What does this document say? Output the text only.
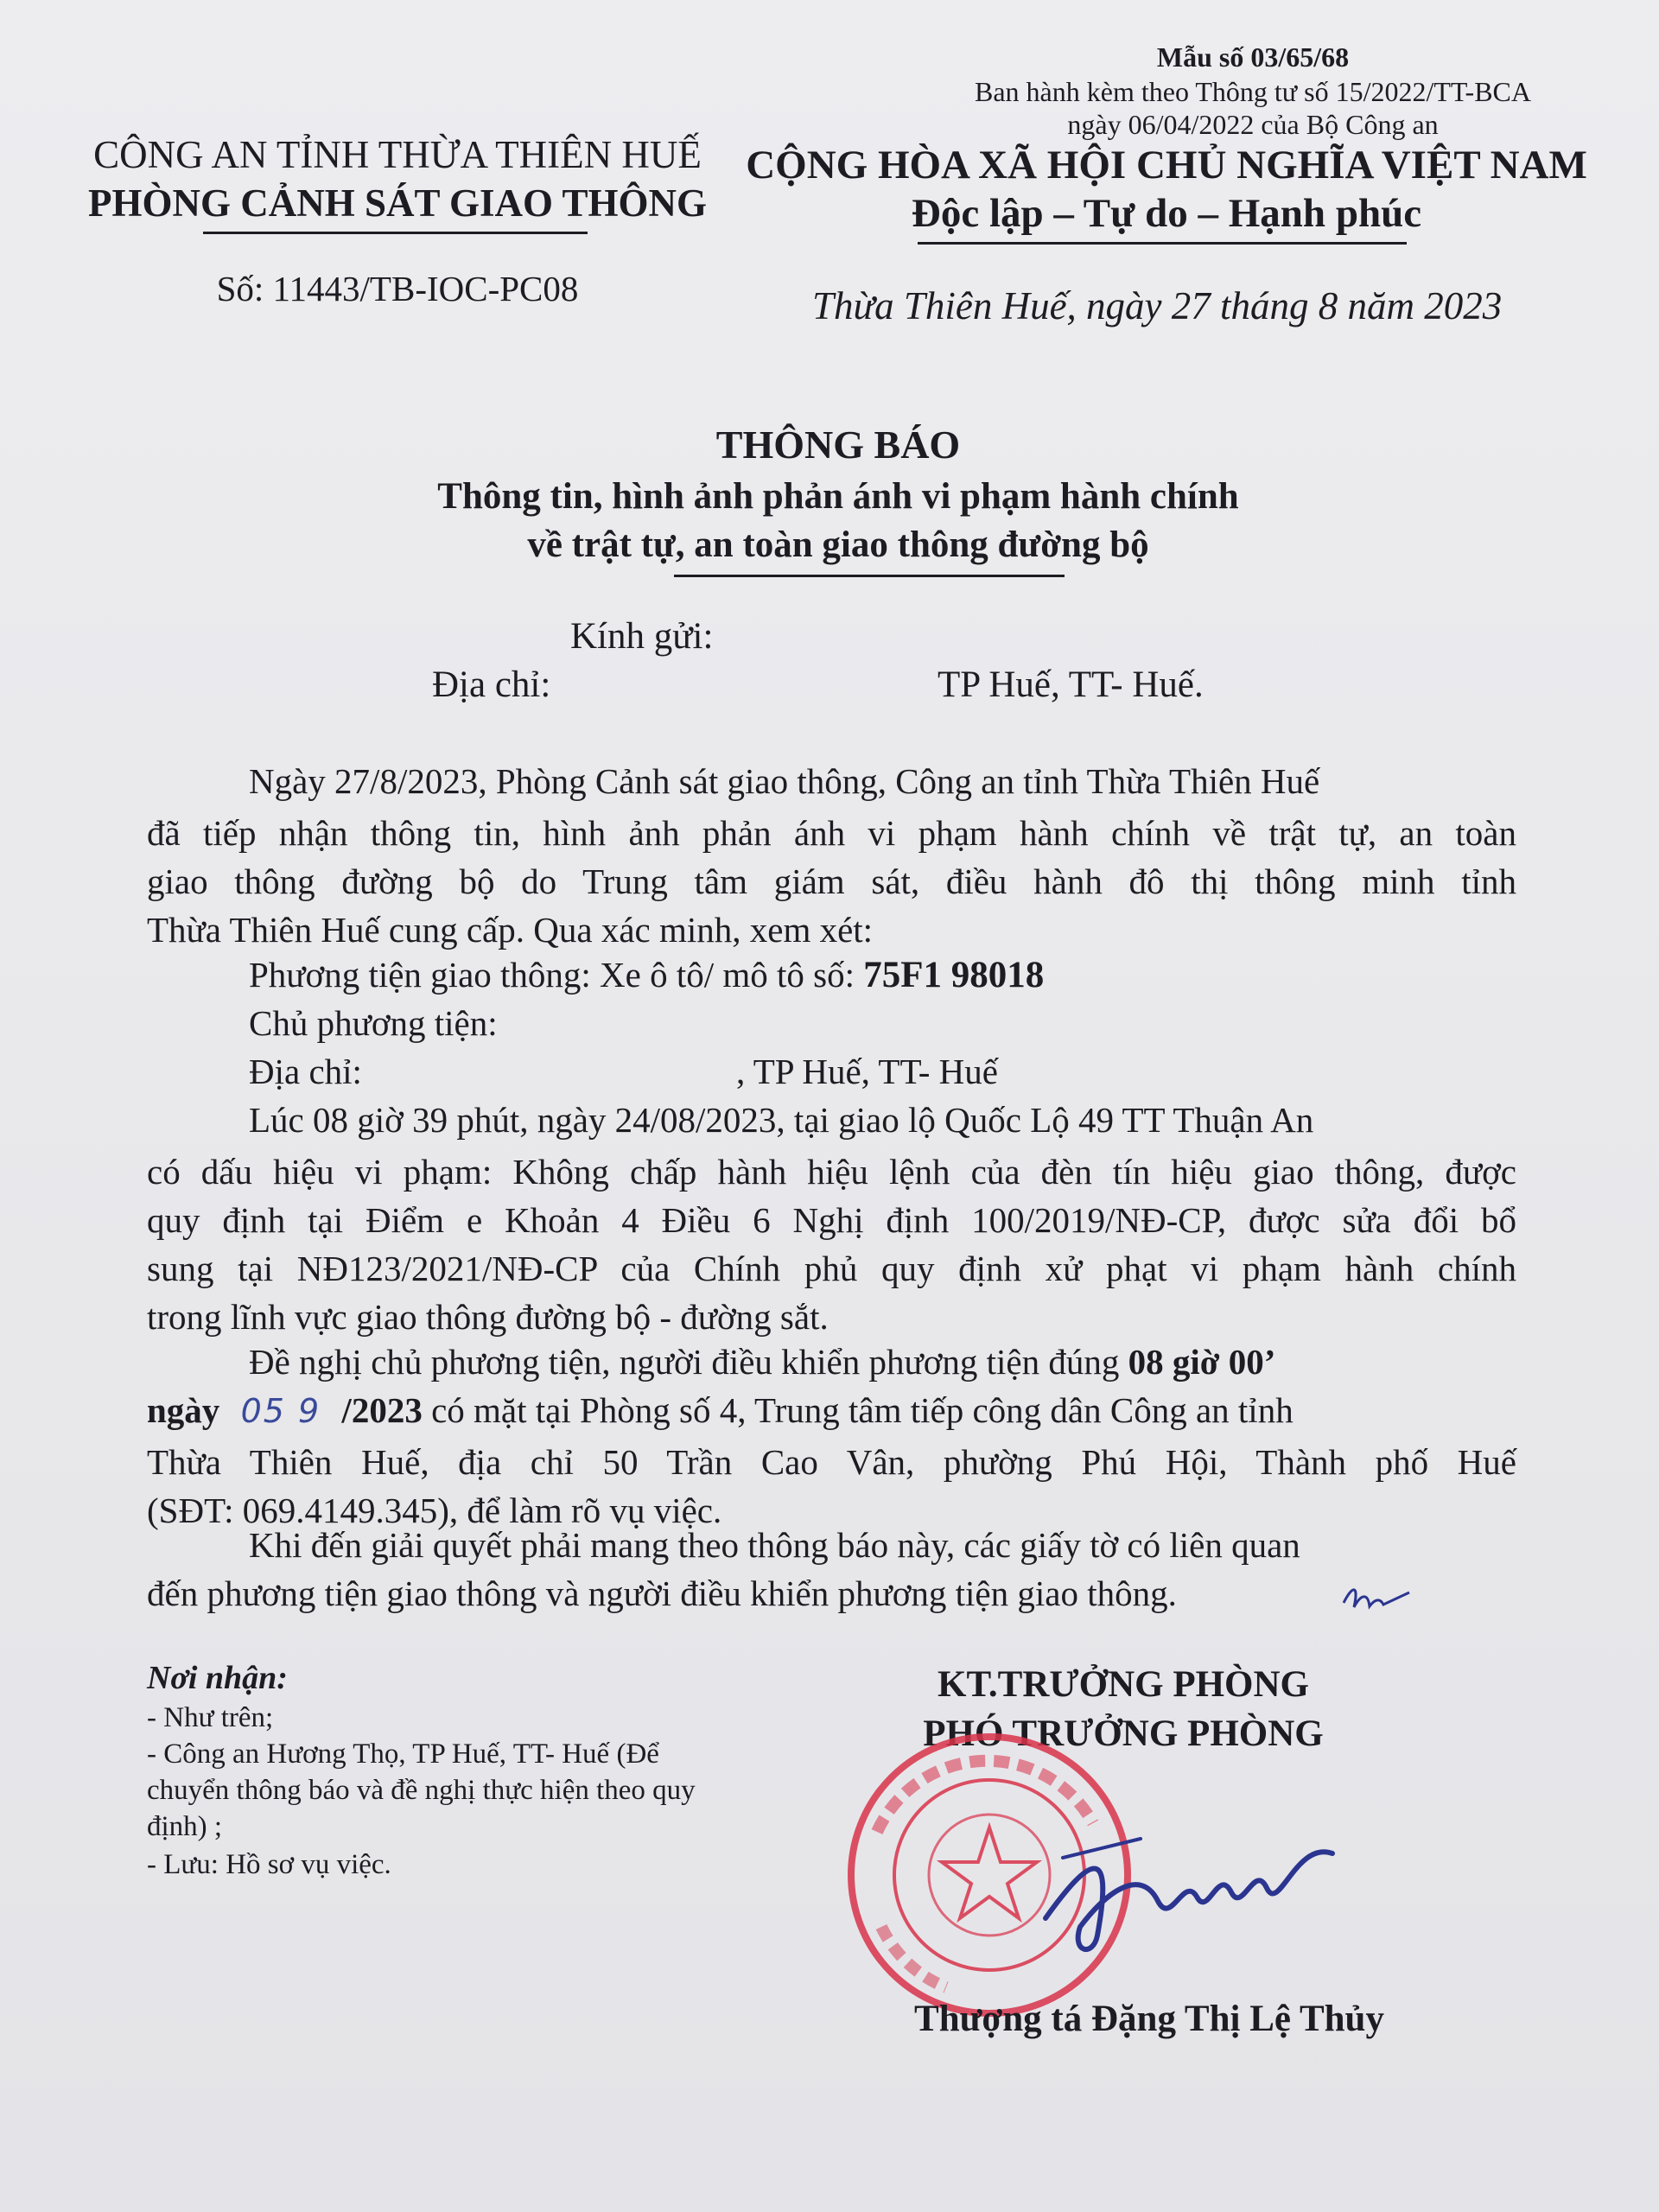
Mẫu số 03/65/68
Ban hành kèm theo Thông tư số 15/2022/TT-BCA
ngày 06/04/2022 của Bộ Công an
CÔNG AN TỈNH THỪA THIÊN HUẾ
PHÒNG CẢNH SÁT GIAO THÔNG
Số: 11443/TB-IOC-PC08
CỘNG HÒA XÃ HỘI CHỦ NGHĨA VIỆT NAM
Độc lập – Tự do – Hạnh phúc
Thừa Thiên Huế, ngày 27 tháng 8 năm 2023
THÔNG BÁO
Thông tin, hình ảnh phản ánh vi phạm hành chính
về trật tự, an toàn giao thông đường bộ
Kính gửi:
Địa chỉ:	TP Huế, TT- Huế.
Ngày 27/8/2023, Phòng Cảnh sát giao thông, Công an tỉnh Thừa Thiên Huế
đã tiếp nhận thông tin, hình ảnh phản ánh vi phạm hành chính về trật tự, an toàn
giao thông đường bộ do Trung tâm giám sát, điều hành đô thị thông minh tỉnh
Thừa Thiên Huế cung cấp. Qua xác minh, xem xét:
Phương tiện giao thông: Xe ô tô/ mô tô số: 75F1 98018
Chủ phương tiện:
Địa chỉ:	, TP Huế, TT- Huế
Lúc 08 giờ 39 phút, ngày 24/08/2023, tại giao lộ Quốc Lộ 49 TT Thuận An
có dấu hiệu vi phạm: Không chấp hành hiệu lệnh của đèn tín hiệu giao thông, được
quy định tại Điểm e Khoản 4 Điều 6 Nghị định 100/2019/NĐ-CP, được sửa đổi bổ
sung tại NĐ123/2021/NĐ-CP của Chính phủ quy định xử phạt vi phạm hành chính
trong lĩnh vực giao thông đường bộ - đường sắt.
Đề nghị chủ phương tiện, người điều khiển phương tiện đúng 08 giờ 00’
ngày 05 9 /2023 có mặt tại Phòng số 4, Trung tâm tiếp công dân Công an tỉnh
Thừa Thiên Huế, địa chỉ 50 Trần Cao Vân, phường Phú Hội, Thành phố Huế
(SĐT: 069.4149.345), để làm rõ vụ việc.
Khi đến giải quyết phải mang theo thông báo này, các giấy tờ có liên quan
đến phương tiện giao thông và người điều khiển phương tiện giao thông.
Nơi nhận:
- Như trên;
- Công an Hương Thọ, TP Huế, TT- Huế (Để
chuyển thông báo và đề nghị thực hiện theo quy
định) ;
- Lưu: Hồ sơ vụ việc.
KT.TRƯỞNG PHÒNG
PHÓ TRƯỞNG PHÒNG
Thượng tá Đặng Thị Lệ Thủy
